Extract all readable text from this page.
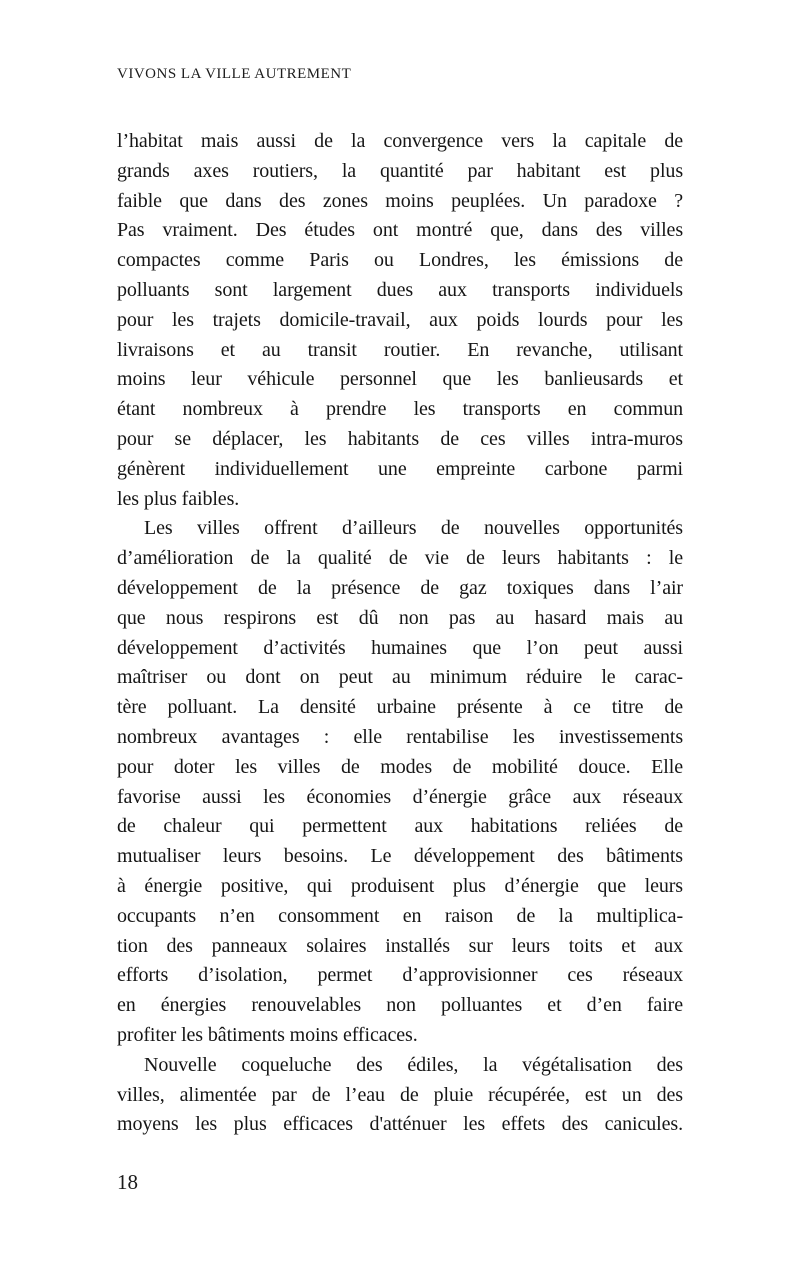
VIVONS LA VILLE AUTREMENT
l’habitat mais aussi de la convergence vers la capitale de
grands axes routiers, la quantité par habitant est plus
faible que dans des zones moins peuplées. Un paradoxe ?
Pas vraiment. Des études ont montré que, dans des villes
compactes comme Paris ou Londres, les émissions de
polluants sont largement dues aux transports individuels
pour les trajets domicile-travail, aux poids lourds pour les
livraisons et au transit routier. En revanche, utilisant
moins leur véhicule personnel que les banlieusards et
étant nombreux à prendre les transports en commun
pour se déplacer, les habitants de ces villes intra-muros
génèrent individuellement une empreinte carbone parmi
les plus faibles.
Les villes offrent d’ailleurs de nouvelles opportunités
d’amélioration de la qualité de vie de leurs habitants : le
développement de la présence de gaz toxiques dans l’air
que nous respirons est dû non pas au hasard mais au
développement d’activités humaines que l’on peut aussi
maîtriser ou dont on peut au minimum réduire le carac-
tère polluant. La densité urbaine présente à ce titre de
nombreux avantages : elle rentabilise les investissements
pour doter les villes de modes de mobilité douce. Elle
favorise aussi les économies d’énergie grâce aux réseaux
de chaleur qui permettent aux habitations reliées de
mutualiser leurs besoins. Le développement des bâtiments
à énergie positive, qui produisent plus d’énergie que leurs
occupants n’en consomment en raison de la multiplica-
tion des panneaux solaires installés sur leurs toits et aux
efforts d’isolation, permet d’approvisionner ces réseaux
en énergies renouvelables non polluantes et d’en faire
profiter les bâtiments moins efficaces.
Nouvelle coqueluche des édiles, la végétalisation des
villes, alimentée par de l’eau de pluie récupérée, est un des
moyens les plus efficaces d'atténuer les effets des canicules.
18
